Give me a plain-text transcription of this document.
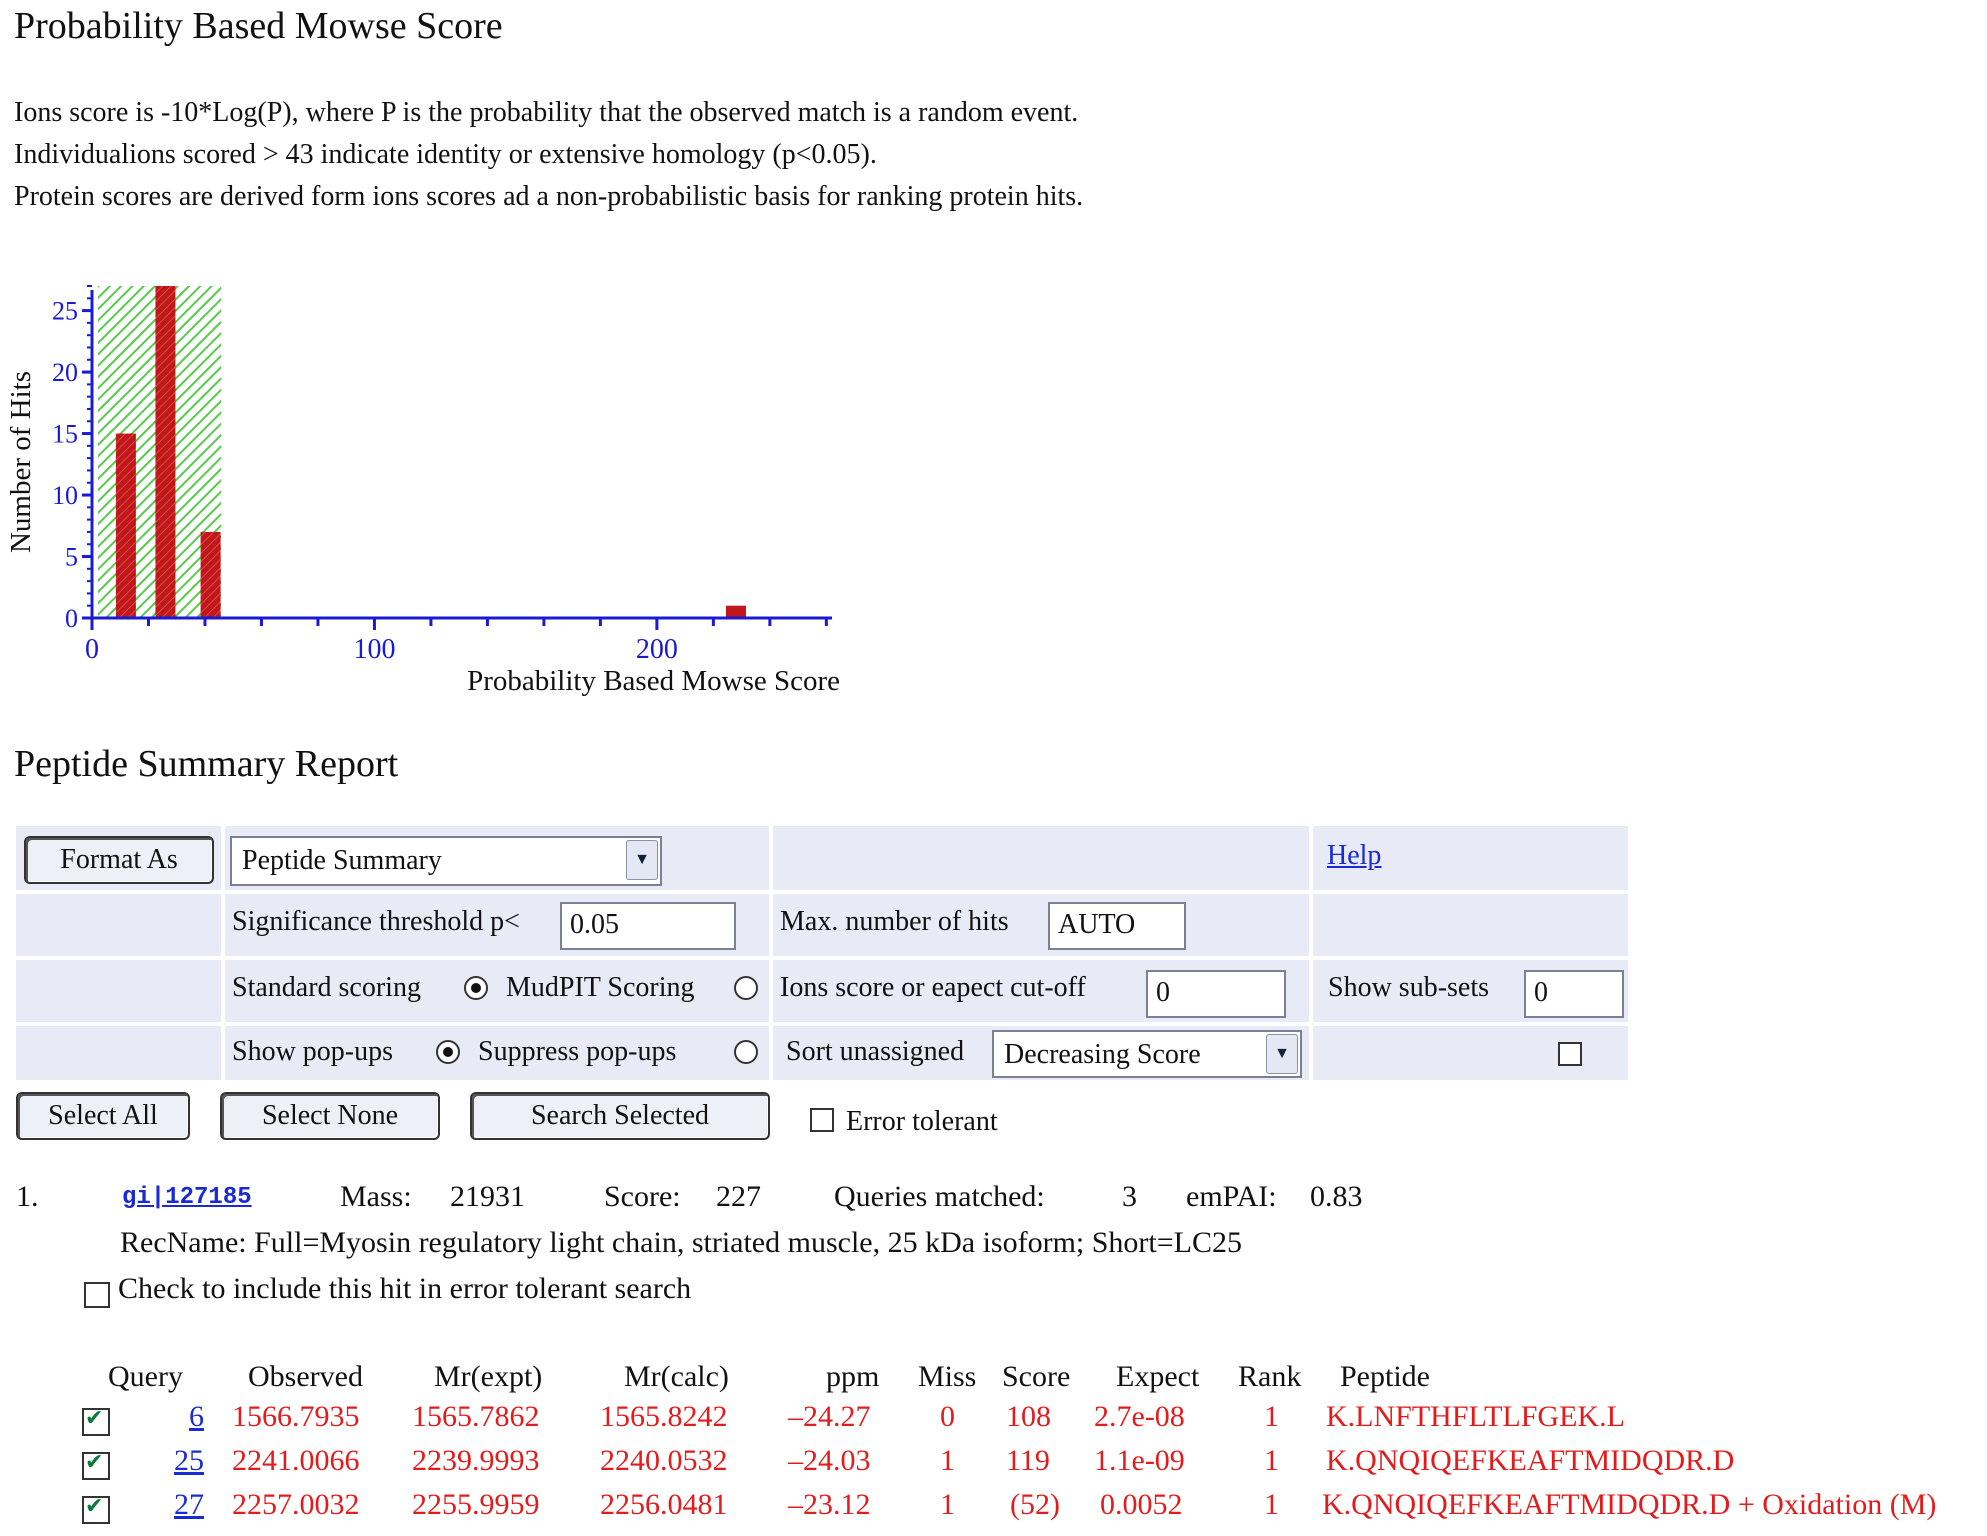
Probability Based Mowse Score
Ions score is -10*Log(P), where P is the probability that the observed match is a random event.
Individualions scored > 43 indicate identity or extensive homology (p<0.05).
Protein scores are derived form ions scores ad a non-probabilistic basis for ranking protein hits.
0
5
10
15
20
25
0	100	200
Probability Based Mowse Score
Number of Hits
Peptide Summary Report
Format As	Peptide Summary	▼	Help
Significance threshold p<	0.05	Max. number of hits	AUTO
Standard scoring	MudPIT Scoring	Ions score or eapect cut-off	0	Show sub-sets	0
Show pop-ups	Suppress pop-ups	Sort unassigned	Decreasing Score	▼
Select All	Select None	Search Selected	Error tolerant
1.	gi|127185	Mass: 21931	Score: 227 Queries matched:	3 emPAI: 0.83
RecName: Full=Myosin regulatory light chain, striated muscle, 25 kDa isoform; Short=LC25
Check to include this hit in error tolerant search
Query Observed Mr(expt)	Mr(calc)	ppm Miss Score Expect Rank Peptide
✔
6 1566.7935 1565.7862 1565.8242 –24.27 0 108 2.7e-08	1 K.LNFTHFLTLFGEK.L
✔
25 2241.0066 2239.9993 2240.0532 –24.03 1 119 1.1e-09	1 K.QNQIQEFKEAFTMIDQDR.D
✔
27 2257.0032 2255.9959 2256.0481 –23.12 1 (52) 0.0052	1 K.QNQIQEFKEAFTMIDQDR.D + Oxidation (M)
